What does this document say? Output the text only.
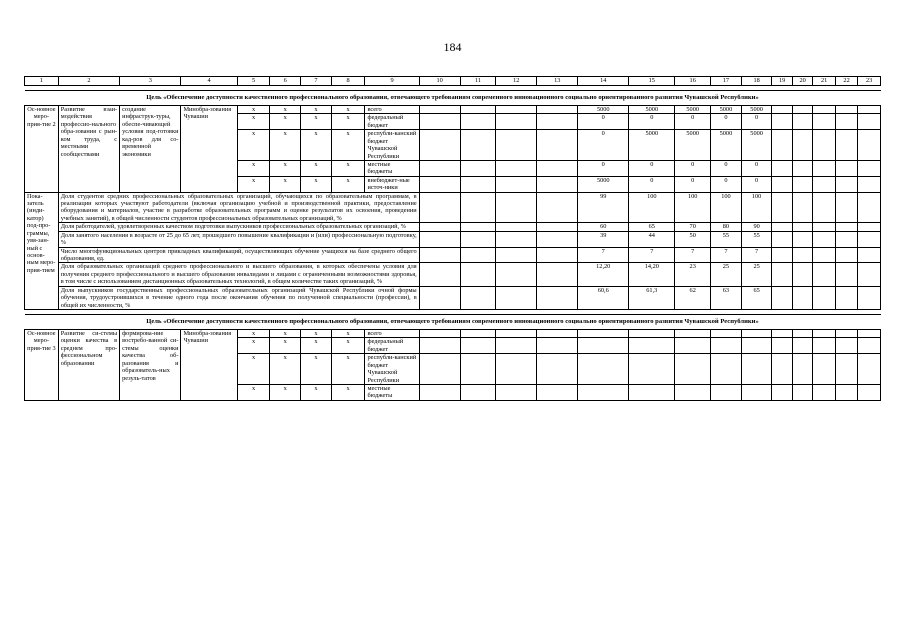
184
1	2	3	4	5	6	7	8	9	10	11	12	13	14	15	16	17	18	19	20	21	22	23

Цель «Обеспечение доступности качественного профессионального образования, отвечающего требованиям современного инновационного социально ориентированного развития Чувашской Республики»																						
Ос-новное меро-прия-тие 2	Развитие взаи-модействия профессио-нального обра-зования с рын-ком труда, с местными сообществами	создание инфраструк-туры, обеспе-чивающей условия под-готовки кад-ров для со-временной экономики	Минобра-зования Чувашии	x	x	x	x	всего					5000	5000	5000	5000	5000					
				x	x	x	x	федеральный бюджет					0	0	0	0	0					
				x	x	x	x	республи-канский бюджет Чувашской Республики					0	5000	5000	5000	5000					
				x	x	x	x	местные бюджеты					0	0	0	0	0					
				x	x	x	x	внебюджет-ные источ-ники					5000	0	0	0	0					
Пока-затель (инди-катор) под-про-граммы, увя-зан-ный с основ-ным меро-прия-тием	Доля студентов средних профессиональных образовательных организаций, обучающихся по образовательным программам, в реализации которых участвуют работодатели (включая организацию учебной и производственной практики, предоставление оборудования и материалов, участие в разработке образовательных программ и оценке результатов их освоения, проведении учебных занятий), в общей численности студентов профессиональных образовательных организаций, %												99	100	100	100	100					
	Доля работодателей, удовлетворенных качеством подготовки выпускников профессиональных образовательных организаций, %												60	65	70	80	90					
	Доля занятого населения в возрасте от 25 до 65 лет, прошедшего повышение квалификации и (или) профессиональную подготовку, %												39	44	50	55	55					
	Число многофункциональных центров прикладных квалификаций, осуществляющих обучение учащихся на базе среднего общего образования, ед.												7	7	7	7	7					
	Доля образовательных организаций среднего профессионального и высшего образования, в которых обеспечены условия для получения среднего профессионального и высшего образования инвалидами и лицами с ограниченными возможностями здоровья, в том числе с использованием дистанционных образовательных технологий, в общем количестве таких организаций, %												12,20	14,20	23	25	25					
	Доля выпускников государственных профессиональных образовательных организаций Чувашской Республики очной формы обучения, трудоустроившихся в течение одного года после окончания обучения по полученной специальности (профессии), в общей их численности, %												60,6	61,3	62	63	65					

Цель «Обеспечение доступности качественного профессионального образования, отвечающего требованиям современного инновационного социально ориентированного развития Чувашской Республики»																						
Ос-новное меро-прия-тие 3	Развитие си-стемы оценки качества в среднем про-фессиональном образовании	формирова-ние востребо-ванной си-стемы оценки качества об-разования и образователь-ных резуль-татов	Минобра-зования Чувашии	x	x	x	x	всего														
				x	x	x	x	федеральный бюджет														
				x	x	x	x	республи-канский бюджет Чувашской Республики														
				x	x	x	x	местные бюджеты														
